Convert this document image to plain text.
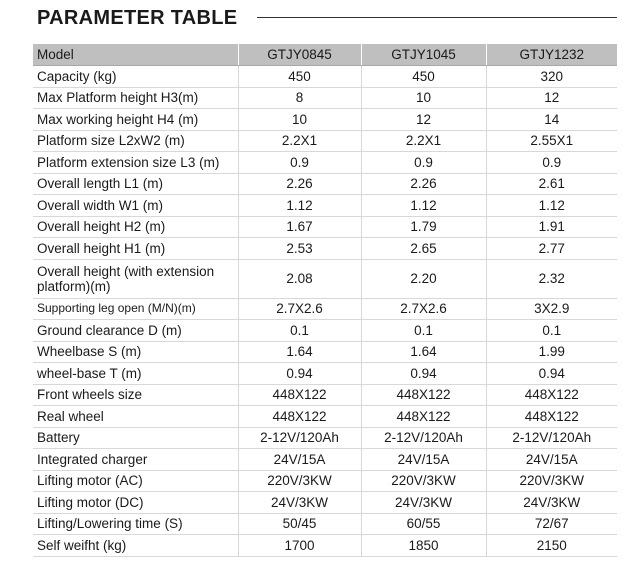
PARAMETER TABLE
Model	GTJY0845	GTJY1045	GTJY1232
Capacity (kg)	450	450	320
Max Platform height H3(m)	8	10	12
Max working height H4 (m)	10	12	14
Platform size L2xW2 (m)	2.2X1	2.2X1	2.55X1
Platform extension size L3 (m)	0.9	0.9	0.9
Overall length L1 (m)	2.26	2.26	2.61
Overall width W1 (m)	1.12	1.12	1.12
Overall height H2 (m)	1.67	1.79	1.91
Overall height H1 (m)	2.53	2.65	2.77
Overall height (with extension platform)(m)	2.08	2.20	2.32
Supporting leg open (M/N)(m)	2.7X2.6	2.7X2.6	3X2.9
Ground clearance D (m)	0.1	0.1	0.1
Wheelbase S (m)	1.64	1.64	1.99
wheel-base T (m)	0.94	0.94	0.94
Front wheels size	448X122	448X122	448X122
Real wheel	448X122	448X122	448X122
Battery	2-12V/120Ah	2-12V/120Ah	2-12V/120Ah
Integrated charger	24V/15A	24V/15A	24V/15A
Lifting motor (AC)	220V/3KW	220V/3KW	220V/3KW
Lifting motor (DC)	24V/3KW	24V/3KW	24V/3KW
Lifting/Lowering time (S)	50/45	60/55	72/67
Self weifht (kg)	1700	1850	2150
